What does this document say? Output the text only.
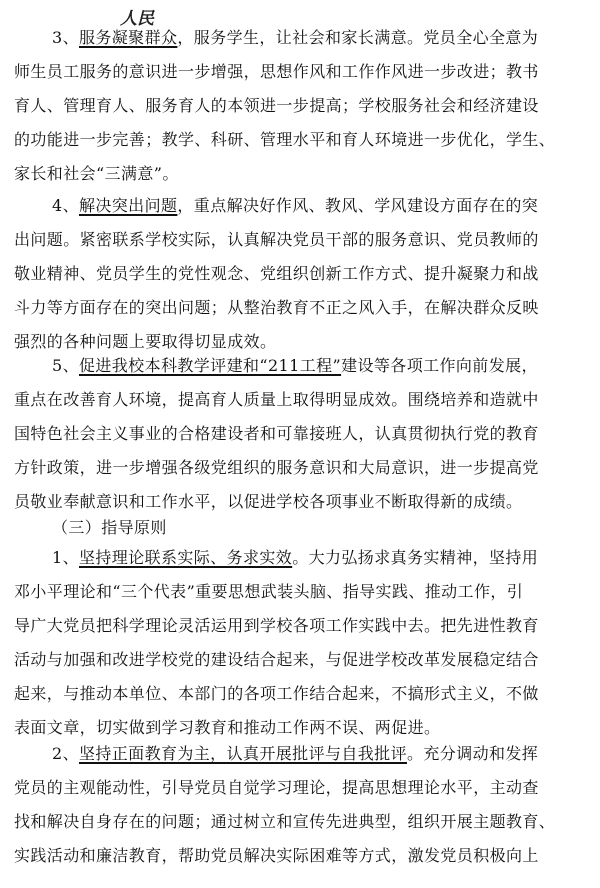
人民
3、服务凝聚群众，服务学生，让社会和家长满意。党员全心全意为
师生员工服务的意识进一步增强，思想作风和工作作风进一步改进；教书
育人、管理育人、服务育人的本领进一步提高；学校服务社会和经济建设
的功能进一步完善；教学、科研、管理水平和育人环境进一步优化，学生、
家长和社会“三满意”。
4、解决突出问题，重点解决好作风、教风、学风建设方面存在的突
出问题。紧密联系学校实际，认真解决党员干部的服务意识、党员教师的
敬业精神、党员学生的党性观念、党组织创新工作方式、提升凝聚力和战
斗力等方面存在的突出问题；从整治教育不正之风入手，在解决群众反映
强烈的各种问题上要取得切显成效。
5、促进我校本科教学评建和“211工程”建设等各项工作向前发展，
重点在改善育人环境，提高育人质量上取得明显成效。围绕培养和造就中
国特色社会主义事业的合格建设者和可靠接班人，认真贯彻执行党的教育
方针政策，进一步增强各级党组织的服务意识和大局意识，进一步提高党
员敬业奉献意识和工作水平，以促进学校各项事业不断取得新的成绩。
（三）指导原则
1、坚持理论联系实际、务求实效。大力弘扬求真务实精神，坚持用
邓小平理论和“三个代表”重要思想武装头脑、指导实践、推动工作，引
导广大党员把科学理论灵活运用到学校各项工作实践中去。把先进性教育
活动与加强和改进学校党的建设结合起来，与促进学校改革发展稳定结合
起来，与推动本单位、本部门的各项工作结合起来，不搞形式主义，不做
表面文章，切实做到学习教育和推动工作两不误、两促进。
2、坚持正面教育为主，认真开展批评与自我批评。充分调动和发挥
党员的主观能动性，引导党员自觉学习理论，提高思想理论水平，主动查
找和解决自身存在的问题；通过树立和宣传先进典型，组织开展主题教育、
实践活动和廉洁教育，帮助党员解决实际困难等方式，激发党员积极向上
